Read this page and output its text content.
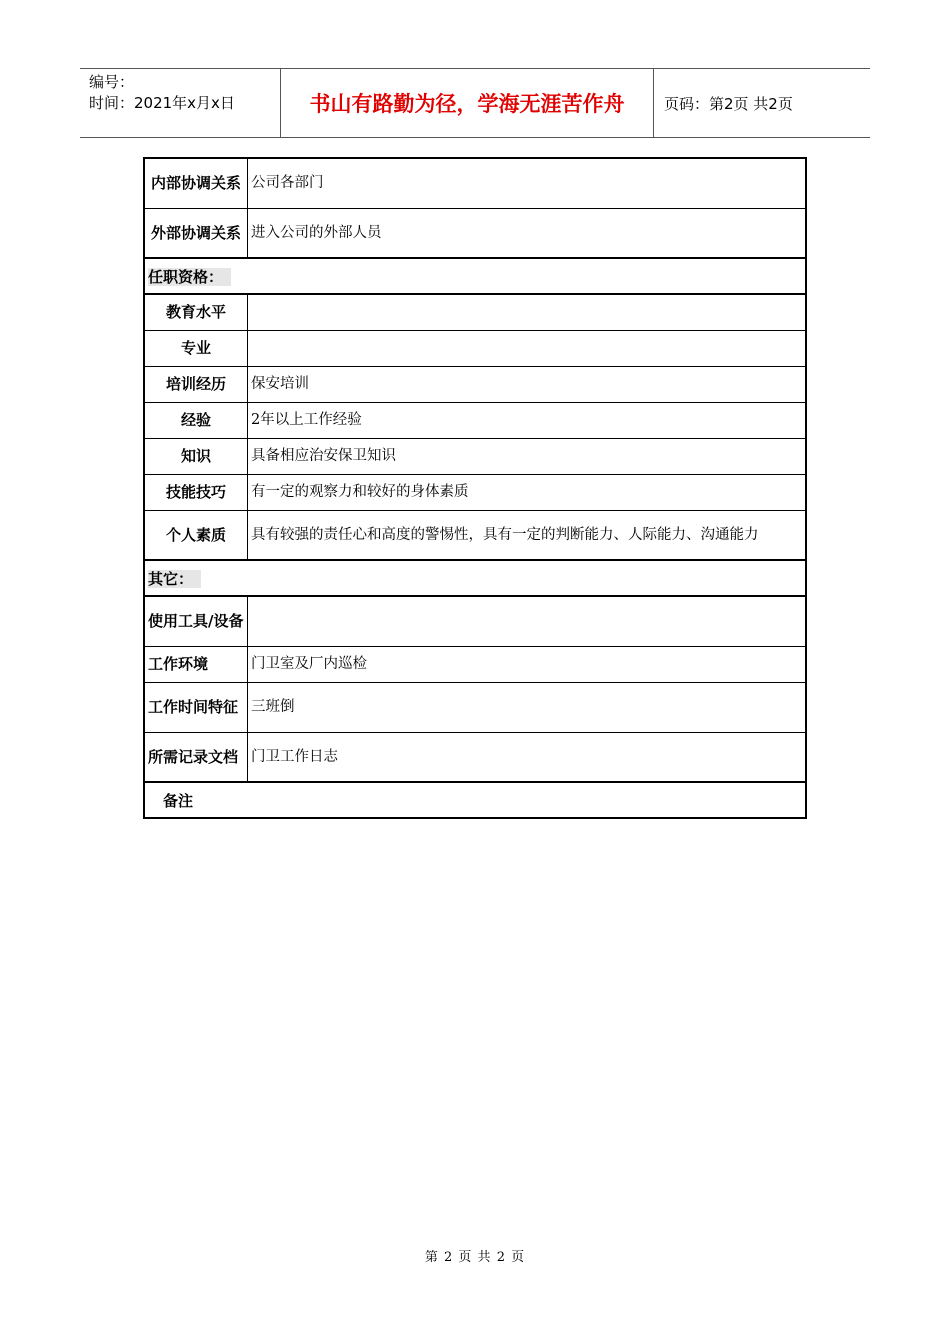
编号：
时间：2021年x月x日	书山有路勤为径，学海无涯苦作舟	页码：第2页 共2页
内部协调关系	公司各部门
外部协调关系	进入公司的外部人员
任职资格：	
教育水平	
专业	
培训经历	保安培训
经验	2年以上工作经验
知识	具备相应治安保卫知识
技能技巧	有一定的观察力和较好的身体素质
个人素质	具有较强的责任心和高度的警惕性，具有一定的判断能力、人际能力、沟通能力
其它：	
使用工具/设备	
工作环境	门卫室及厂内巡检
工作时间特征	三班倒
所需记录文档	门卫工作日志
备注	
第 2 页 共 2 页
